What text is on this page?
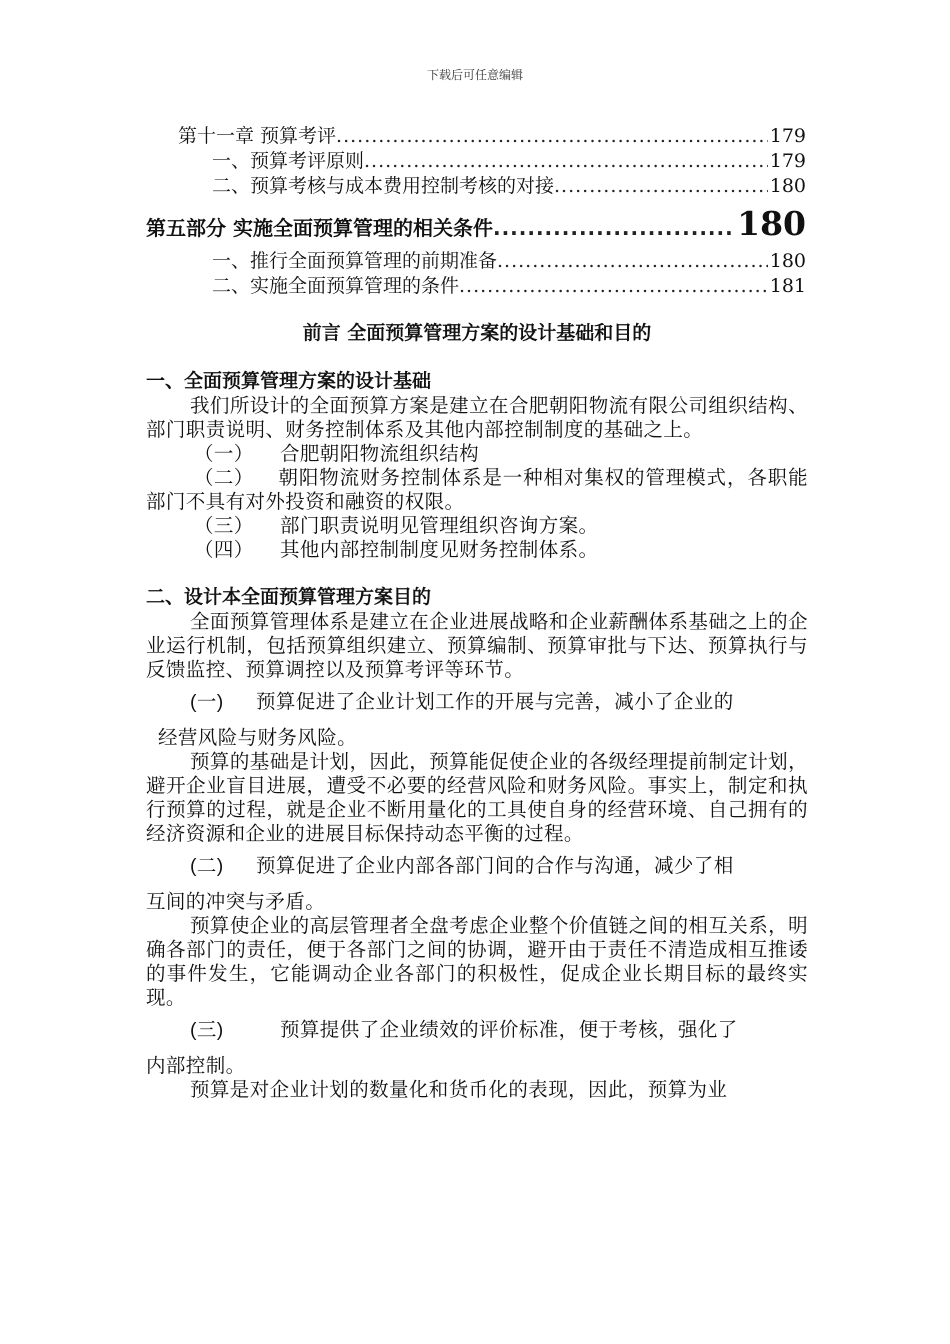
下载后可任意编辑
第十一章 预算考评 .....	179
一、预算考评原则 .....	179
二、预算考核与成本费用控制考核的对接 .....	180
第五部分 实施全面预算管理的相关条件 .....	180
一、推行全面预算管理的前期准备 .....	180
二、实施全面预算管理的条件 .....	181
前言 全面预算管理方案的设计基础和目的
一、全面预算管理方案的设计基础

我们所设计的全面预算方案是建立在合肥朝阳物流有限公司组织结构、部门职责说明、财务控制体系及其他内部控制制度的基础之上。

（一） 合肥朝阳物流组织结构

（二） 朝阳物流财务控制体系是一种相对集权的管理模式，各职能部门不具有对外投资和融资的权限。

（三） 部门职责说明见管理组织咨询方案。

（四） 其他内部控制制度见财务控制体系。

二、设计本全面预算管理方案目的

全面预算管理体系是建立在企业进展战略和企业薪酬体系基础之上的企业运行机制，包括预算组织建立、预算编制、预算审批与下达、预算执行与反馈监控、预算调控以及预算考评等环节。

(一) 预算促进了企业计划工作的开展与完善，减小了企业的

经营风险与财务风险。

预算的基础是计划，因此，预算能促使企业的各级经理提前制定计划，避开企业盲目进展，遭受不必要的经营风险和财务风险。事实上，制定和执行预算的过程，就是企业不断用量化的工具使自身的经营环境、自己拥有的经济资源和企业的进展目标保持动态平衡的过程。

(二) 预算促进了企业内部各部门间的合作与沟通，减少了相

互间的冲突与矛盾。

预算使企业的高层管理者全盘考虑企业整个价值链之间的相互关系，明确各部门的责任，便于各部门之间的协调，避开由于责任不清造成相互推诿的事件发生，它能调动企业各部门的积极性，促成企业长期目标的最终实现。

(三)	预算提供了企业绩效的评价标准，便于考核，强化了

内部控制。

预算是对企业计划的数量化和货币化的表现，因此，预算为业
